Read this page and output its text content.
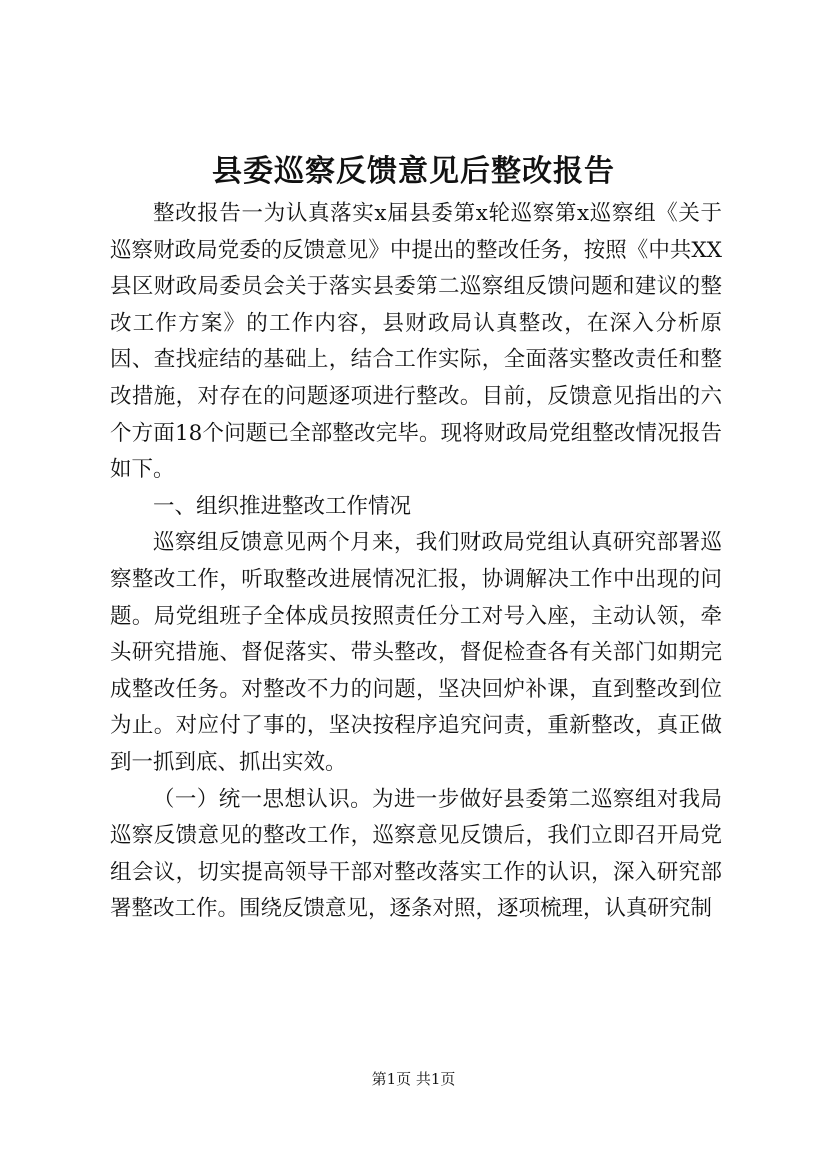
县委巡察反馈意见后整改报告

整改报告一为认真落实x届县委第x轮巡察第x巡察组《关于巡察财政局党委的反馈意见》中提出的整改任务，按照《中共XX县区财政局委员会关于落实县委第二巡察组反馈问题和建议的整改工作方案》的工作内容，县财政局认真整改，在深入分析原因、查找症结的基础上，结合工作实际，全面落实整改责任和整改措施，对存在的问题逐项进行整改。目前，反馈意见指出的六个方面18个问题已全部整改完毕。现将财政局党组整改情况报告如下。

一、组织推进整改工作情况

巡察组反馈意见两个月来，我们财政局党组认真研究部署巡察整改工作，听取整改进展情况汇报，协调解决工作中出现的问题。局党组班子全体成员按照责任分工对号入座，主动认领，牵头研究措施、督促落实、带头整改，督促检查各有关部门如期完成整改任务。对整改不力的问题，坚决回炉补课，直到整改到位为止。对应付了事的，坚决按程序追究问责，重新整改，真正做到一抓到底、抓出实效。

（一）统一思想认识。为进一步做好县委第二巡察组对我局巡察反馈意见的整改工作，巡察意见反馈后，我们立即召开局党组会议，切实提高领导干部对整改落实工作的认识，深入研究部署整改工作。围绕反馈意见，逐条对照，逐项梳理，认真研究制

第1页 共1页
